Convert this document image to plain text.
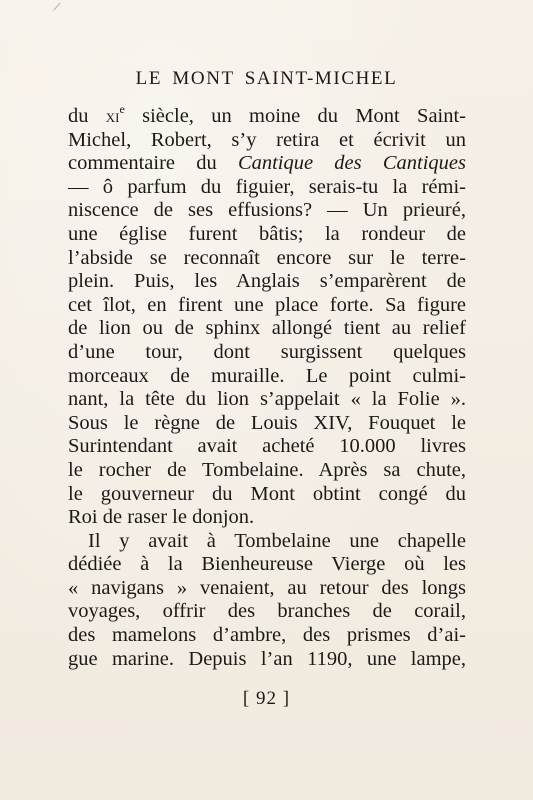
LE MONT SAINT-MICHEL
du $xi^e$ siècle, un moine du Mont Saint-
Michel, Robert, s’y retira et écrivit un
commentaire du Cantique des Cantiques
— ô parfum du figuier, serais-tu la rémi-
niscence de ses effusions? — Un prieuré,
une église furent bâtis; la rondeur de
l’abside se reconnaît encore sur le terre-
plein. Puis, les Anglais s’emparèrent de
cet îlot, en firent une place forte. Sa figure
de lion ou de sphinx allongé tient au relief
d’une tour, dont surgissent quelques
morceaux de muraille. Le point culmi-
nant, la tête du lion s’appelait « la Folie ».
Sous le règne de Louis XIV, Fouquet le
Surintendant avait acheté 10.000 livres
le rocher de Tombelaine. Après sa chute,
le gouverneur du Mont obtint congé du
Roi de raser le donjon.
Il y avait à Tombelaine une chapelle
dédiée à la Bienheureuse Vierge où les
« navigans » venaient, au retour des longs
voyages, offrir des branches de corail,
des mamelons d’ambre, des prismes d’ai-
gue marine. Depuis l’an 1190, une lampe,
[ 92 ]
